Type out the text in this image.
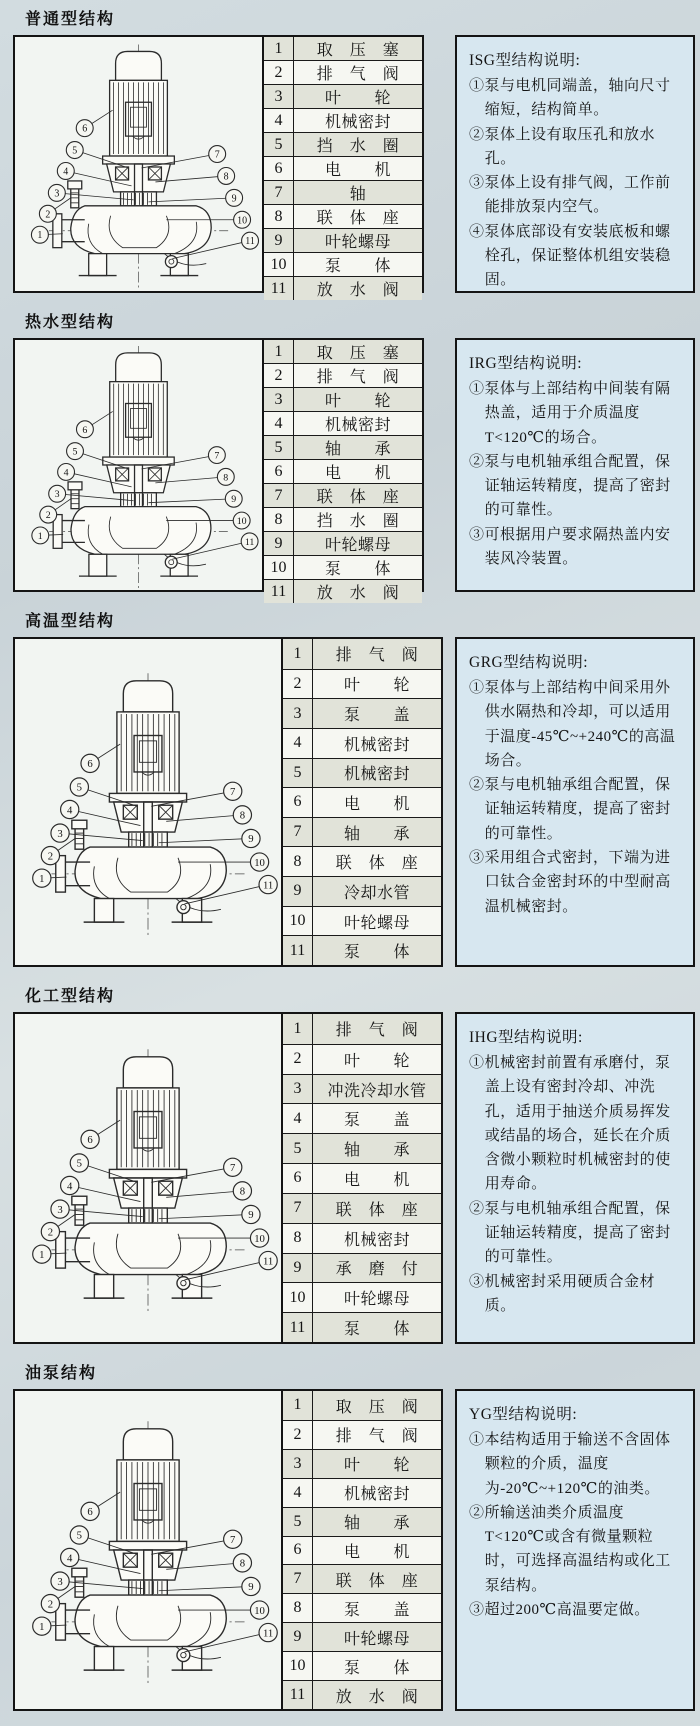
普通型结构
6
5
4
3
2
1
7
8
9
10
11
1	取　压　塞
2	排　气　阀
3	叶　　轮
4	机械密封
5	挡　水　圈
6	电　　机
7	轴
8	联　体　座
9	叶轮螺母
10	泵　　体
11	放　水　阀
ISG型结构说明:
①泵与电机同端盖，轴向尺寸缩短，结构简单。
②泵体上设有取压孔和放水孔。
③泵体上设有排气阀，工作前能排放泵内空气。
④泵体底部设有安装底板和螺栓孔，保证整体机组安装稳固。
热水型结构
6
5
4
3
2
1
7
8
9
10
11
1	取　压　塞
2	排　气　阀
3	叶　　轮
4	机械密封
5	轴　　承
6	电　　机
7	联　体　座
8	挡　水　圈
9	叶轮螺母
10	泵　　体
11	放　水　阀
IRG型结构说明:
①泵体与上部结构中间装有隔热盖，适用于介质温度T<120℃的场合。
②泵与电机轴承组合配置，保证轴运转精度，提高了密封的可靠性。
③可根据用户要求隔热盖内安装风冷装置。
高温型结构
6
5
4
3
2
1
7
8
9
10
11
1	排　气　阀
2	叶　　轮
3	泵　　盖
4	机械密封
5	机械密封
6	电　　机
7	轴　　承
8	联　体　座
9	冷却水管
10	叶轮螺母
11	泵　　体
GRG型结构说明:
①泵体与上部结构中间采用外供水隔热和冷却，可以适用于温度-45℃~+240℃的高温场合。
②泵与电机轴承组合配置，保证轴运转精度，提高了密封的可靠性。
③采用组合式密封，下端为进口钛合金密封环的中型耐高温机械密封。
化工型结构
6
5
4
3
2
1
7
8
9
10
11
1	排　气　阀
2	叶　　轮
3	冲洗冷却水管
4	泵　　盖
5	轴　　承
6	电　　机
7	联　体　座
8	机械密封
9	承　磨　付
10	叶轮螺母
11	泵　　体
IHG型结构说明:
①机械密封前置有承磨付，泵盖上设有密封冷却、冲洗孔，适用于抽送介质易挥发或结晶的场合，延长在介质含微小颗粒时机械密封的使用寿命。
②泵与电机轴承组合配置，保证轴运转精度，提高了密封的可靠性。
③机械密封采用硬质合金材质。
油泵结构
6
5
4
3
2
1
7
8
9
10
11
1	取　压　阀
2	排　气　阀
3	叶　　轮
4	机械密封
5	轴　　承
6	电　　机
7	联　体　座
8	泵　　盖
9	叶轮螺母
10	泵　　体
11	放　水　阀
YG型结构说明:
①本结构适用于输送不含固体颗粒的介质，温度为-20℃~+120℃的油类。
②所输送油类介质温度T<120℃或含有微量颗粒时，可选择高温结构或化工泵结构。
③超过200℃高温要定做。
